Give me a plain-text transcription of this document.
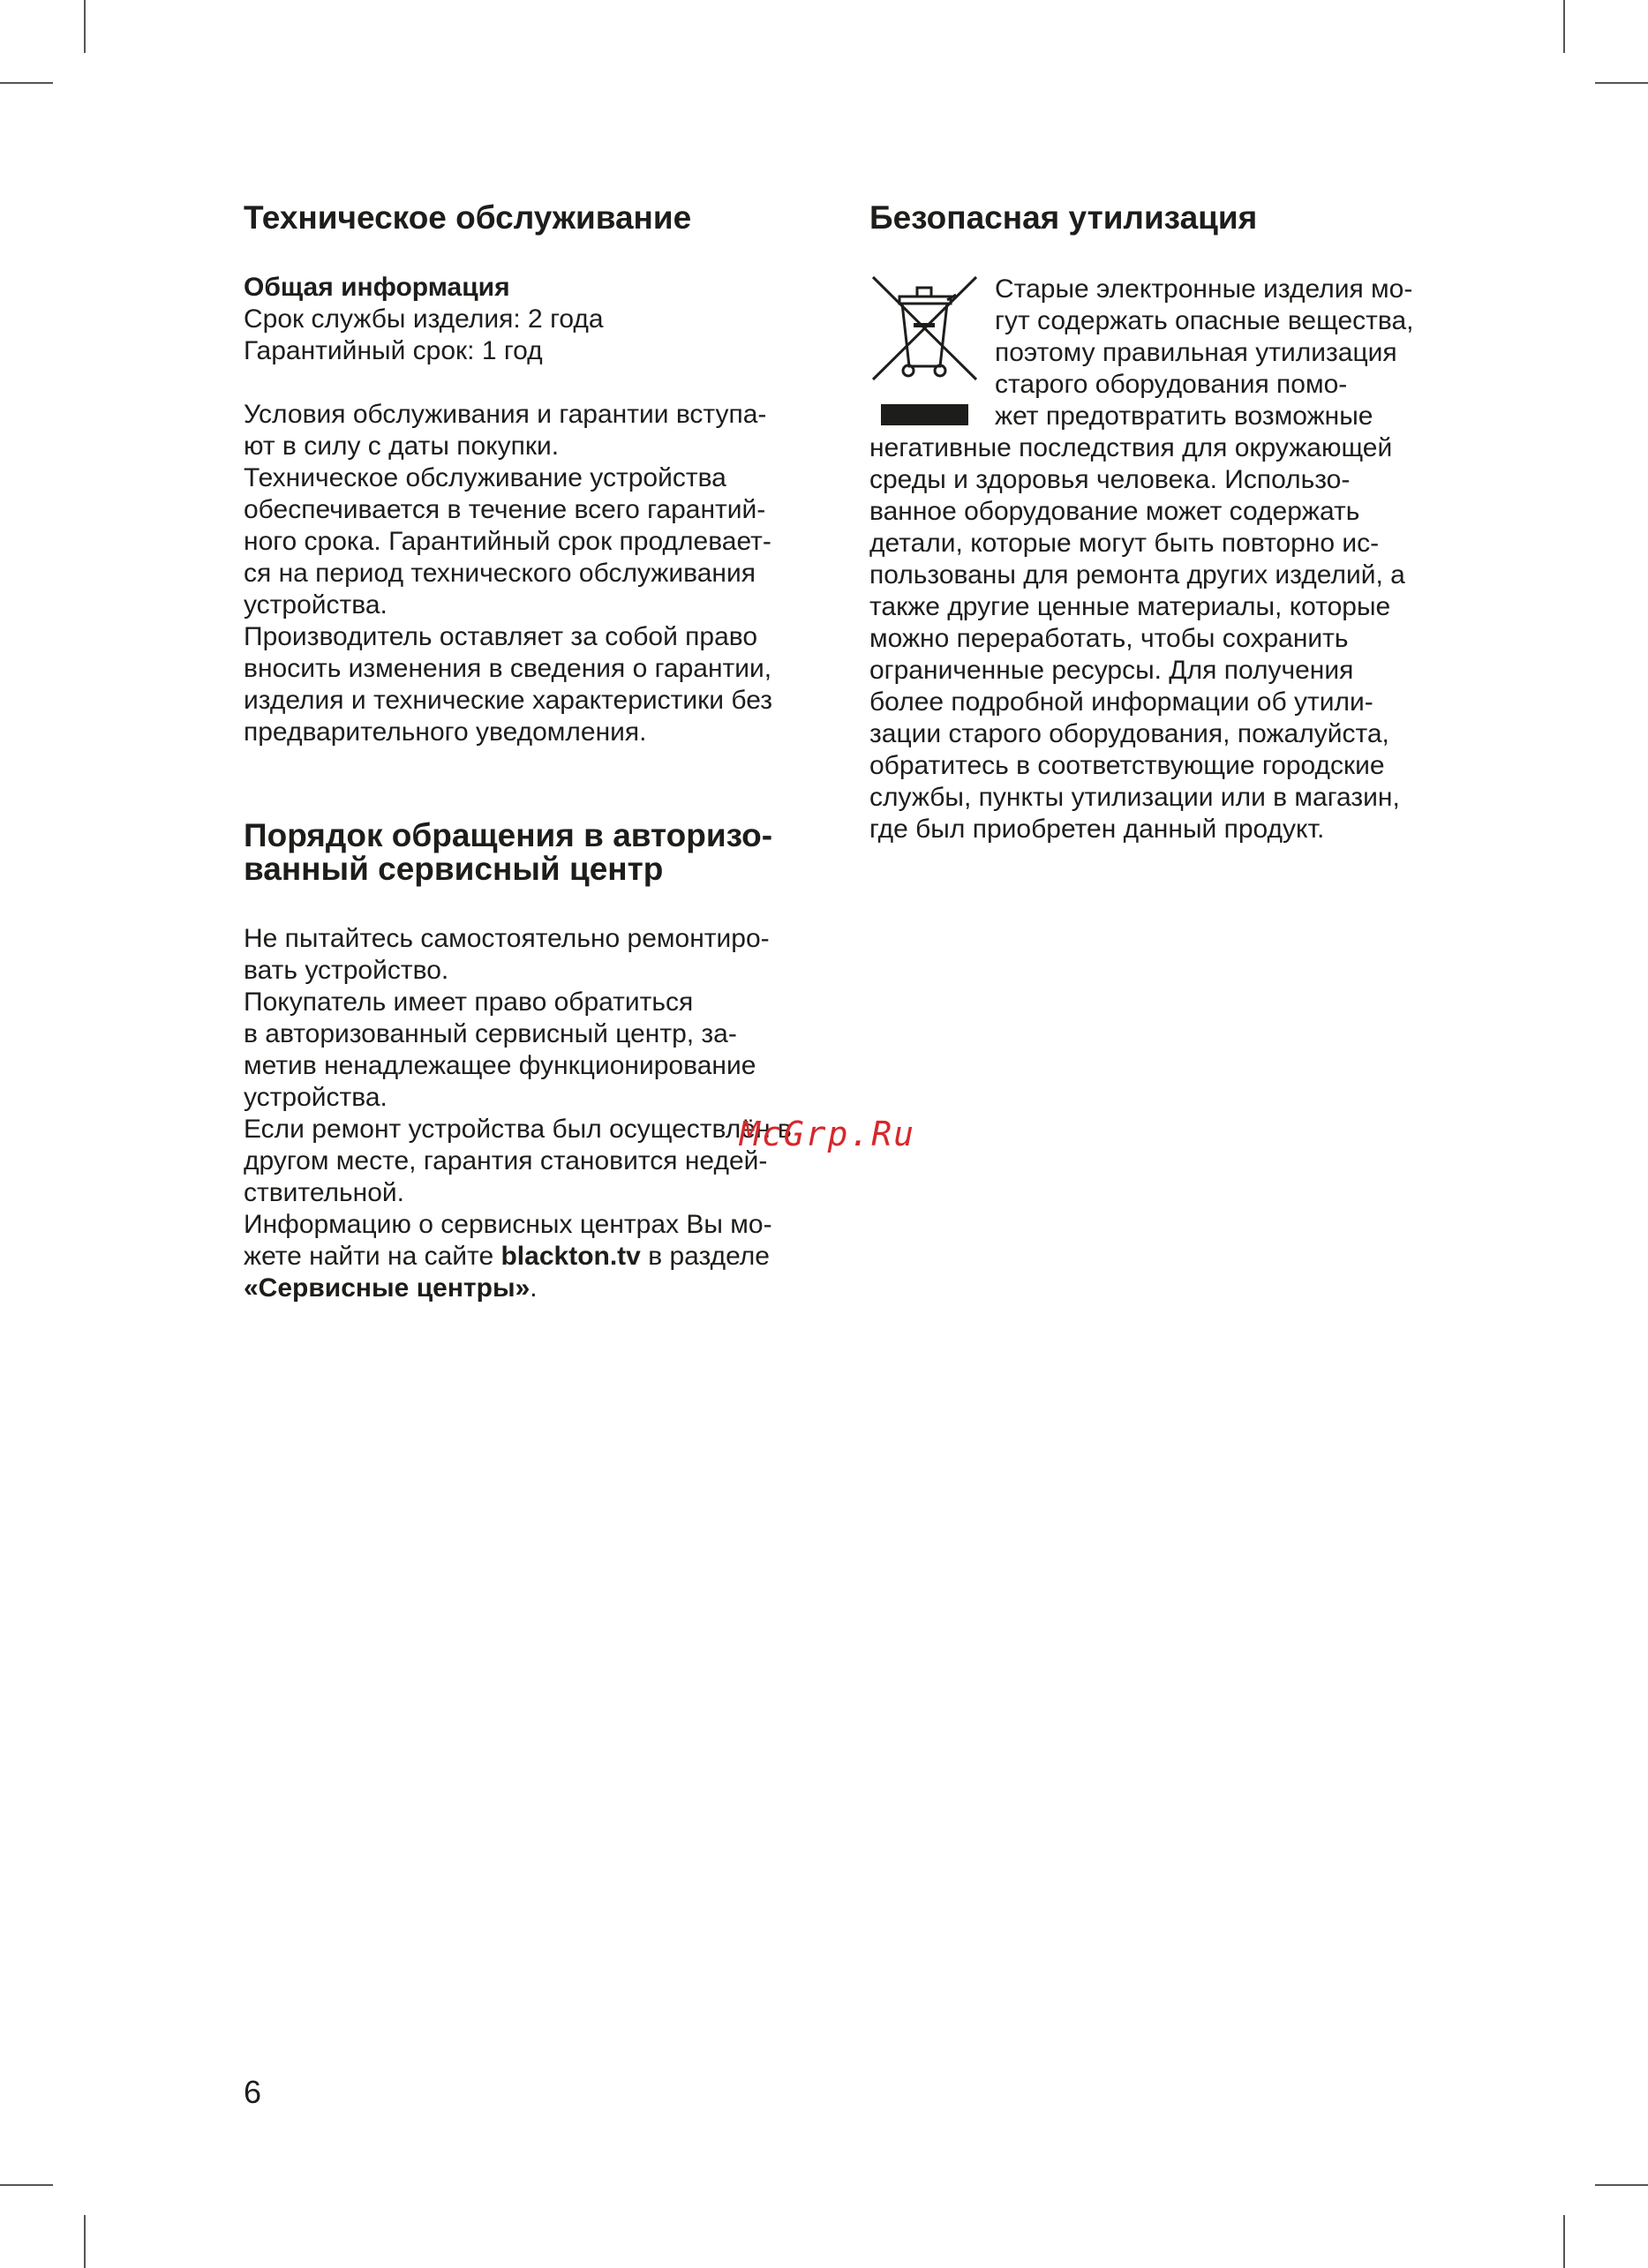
Техническое обслуживание

Общая информация

Срок службы изделия: 2 года
Гарантийный срок: 1 год
Условия обслуживания и гарантии вступа-
ют в силу с даты покупки.
Техническое обслуживание устройства
обеспечивается в течение всего гарантий-
ного срока. Гарантийный срок продлевает-
ся на период технического обслуживания
устройства.
Производитель оставляет за собой право
вносить изменения в сведения о гарантии,
изделия и технические характеристики без
предварительного уведомления.
Порядок обращения в авторизо-
ванный сервисный центр
Не пытайтесь самостоятельно ремонтиро-
вать устройство.
Покупатель имеет право обратиться
в авторизованный сервисный центр, за-
метив ненадлежащее функционирование
устройства.
Если ремонт устройства был осуществлён в
другом месте, гарантия становится недей-
ствительной.
Информацию о сервисных центрах Вы мо-
жете найти на сайте blackton.tv в разделе
«Сервисные центры».
Безопасная утилизация
Старые электронные изделия мо-
гут содержать опасные вещества,
поэтому правильная утилизация
старого оборудования помо-
жет предотвратить возможные
негативные последствия для окружающей
среды и здоровья человека. Использо-
ванное оборудование может содержать
детали, которые могут быть повторно ис-
пользованы для ремонта других изделий, а
также другие ценные материалы, которые
можно переработать, чтобы сохранить
ограниченные ресурсы. Для получения
более подробной информации об утили-
зации старого оборудования, пожалуйста,
обратитесь в соответствующие городские
службы, пункты утилизации или в магазин,
где был приобретен данный продукт.
McGrp.Ru
6
